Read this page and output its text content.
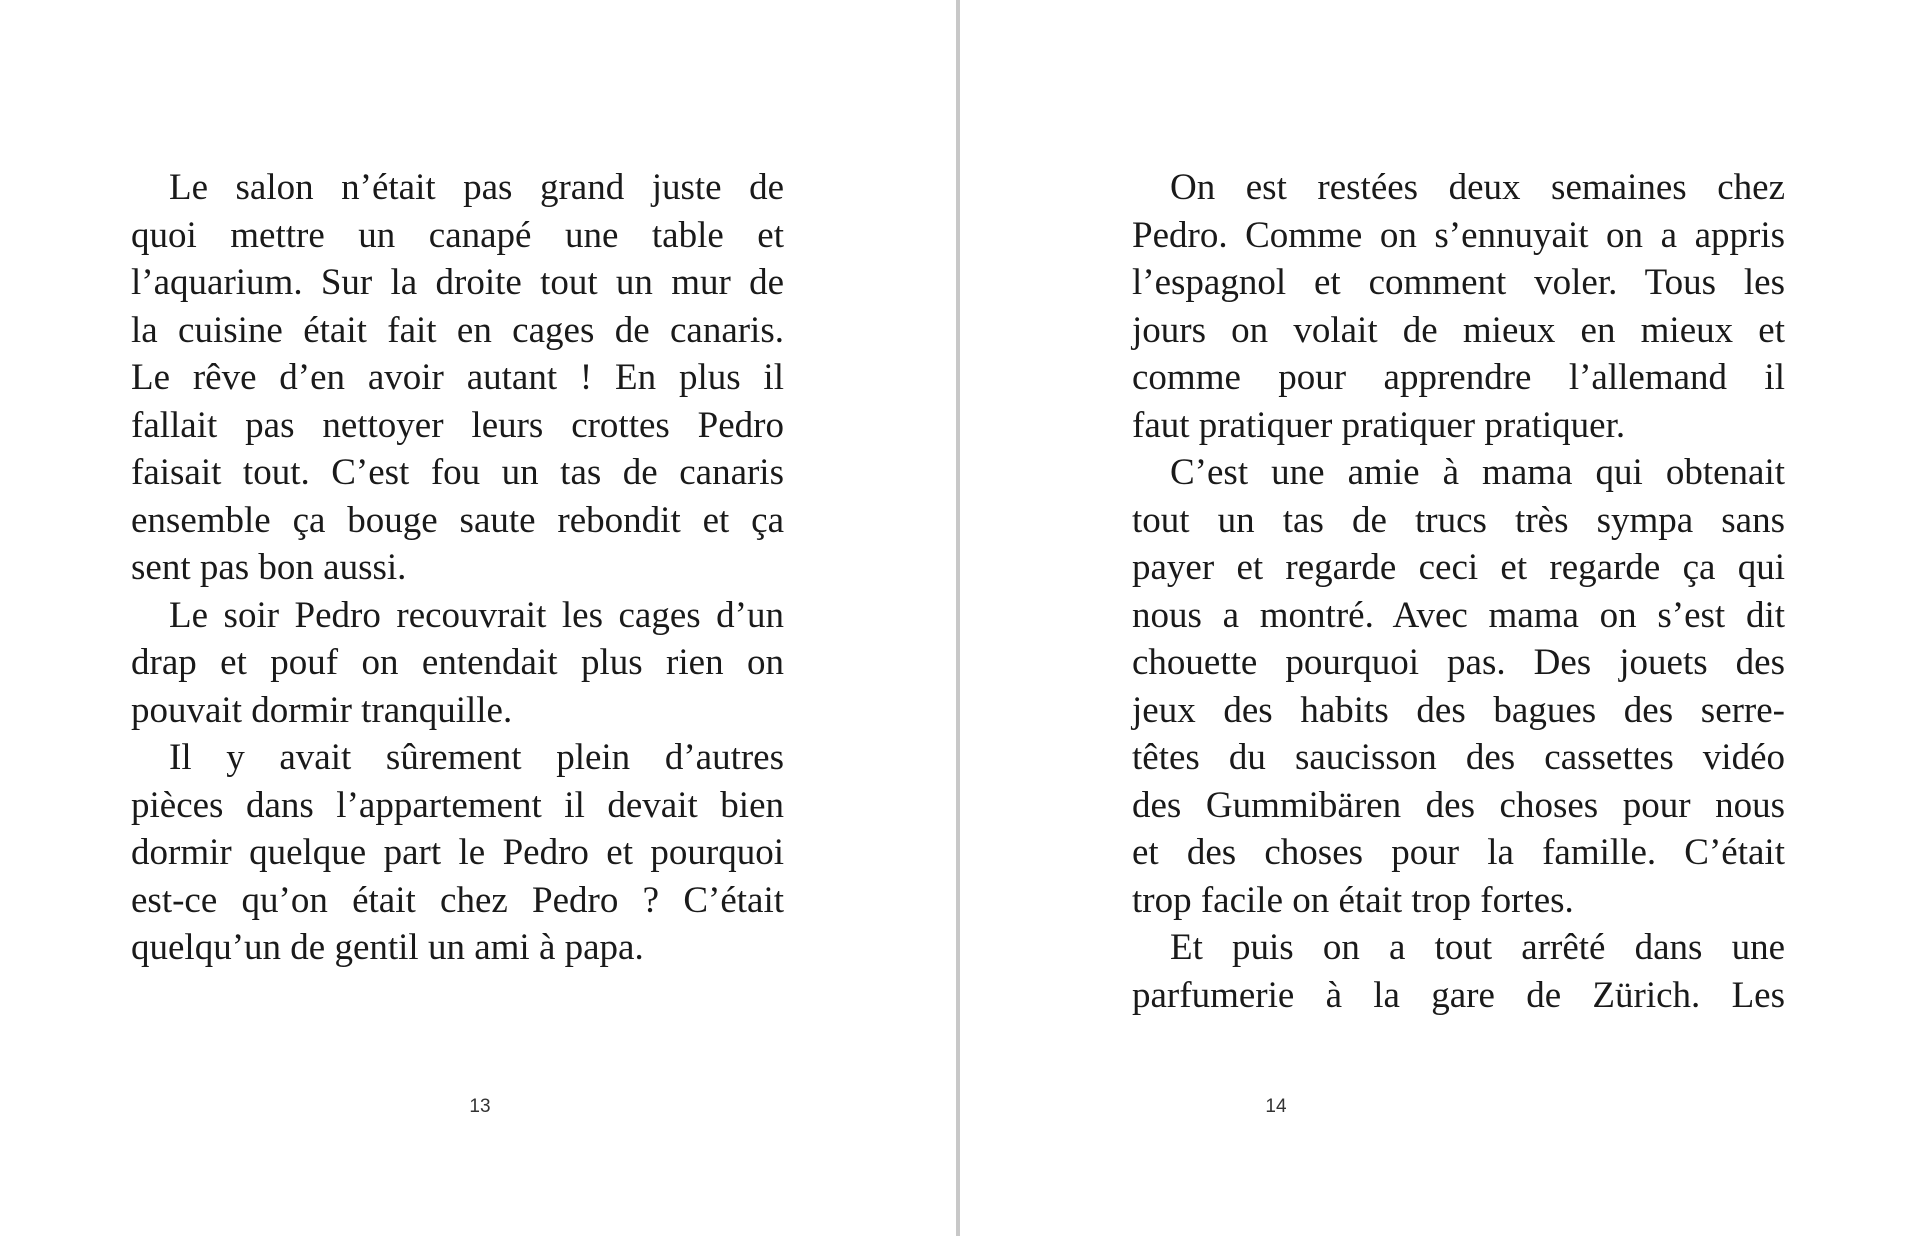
Le salon n’était pas grand juste de
quoi mettre un canapé une table et
l’aquarium. Sur la droite tout un mur de
la cuisine était fait en cages de canaris.
Le rêve d’en avoir autant ! En plus il
fallait pas nettoyer leurs crottes Pedro
faisait tout. C’est fou un tas de canaris
ensemble ça bouge saute rebondit et ça
sent pas bon aussi.
Le soir Pedro recouvrait les cages d’un
drap et pouf on entendait plus rien on
pouvait dormir tranquille.
Il y avait sûrement plein d’autres
pièces dans l’appartement il devait bien
dormir quelque part le Pedro et pourquoi
est-ce qu’on était chez Pedro ? C’était
quelqu’un de gentil un ami à papa.
13
On est restées deux semaines chez
Pedro. Comme on s’ennuyait on a appris
l’espagnol et comment voler. Tous les
jours on volait de mieux en mieux et
comme pour apprendre l’allemand il
faut pratiquer pratiquer pratiquer.
C’est une amie à mama qui obtenait
tout un tas de trucs très sympa sans
payer et regarde ceci et regarde ça qui
nous a montré. Avec mama on s’est dit
chouette pourquoi pas. Des jouets des
jeux des habits des bagues des serre-
têtes du saucisson des cassettes vidéo
des Gummibären des choses pour nous
et des choses pour la famille. C’était
trop facile on était trop fortes.
Et puis on a tout arrêté dans une
parfumerie à la gare de Zürich. Les
14
